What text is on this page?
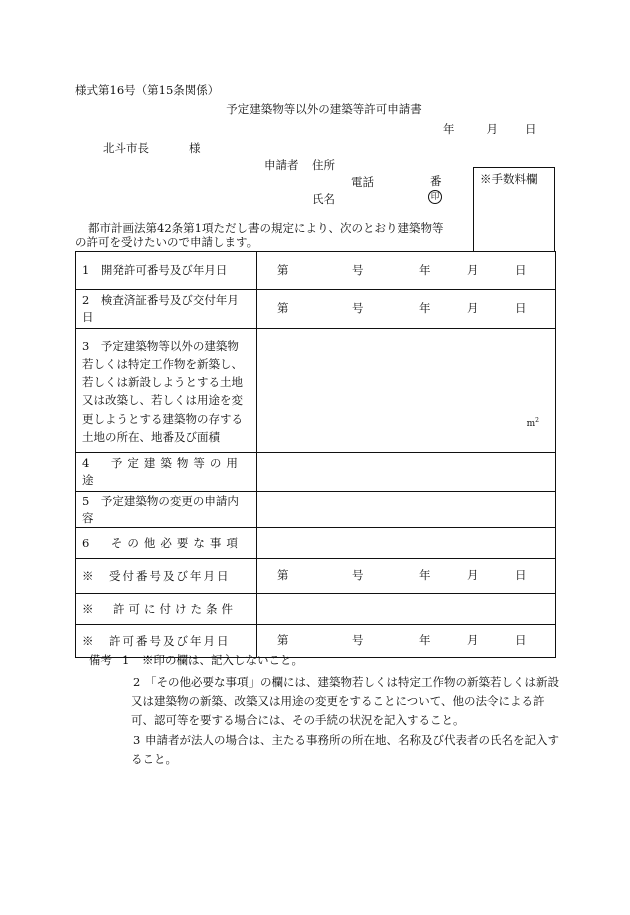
様式第16号（第15条関係）
予定建築物等以外の建築等許可申請書
年	月 日
北斗市長	様
申請者 住所
電話	番
氏名	印
※手数料欄
都市計画法第42条第1項ただし書の規定により、次のとおり建築物等
の許可を受けたいので申請します。
1　開発許可番号及び年月日	第 号 年 月 日

2　検査済証番号及び交付年月日	第 号 年 月 日

3　予定建築物等以外の建築物若しくは特定工作物を新築し、若しくは新設しようとする土地又は改築し、若しくは用途を変更しようとする建築物の存する土地の所在、地番及び面積	$m^2$

4　予定建築物等の用途	
5　予定建築物の変更の申請内容	
6　その他必要な事項	
※　受付番号及び年月日	第 号 年 月 日

※　許可に付けた条件	
※　許可番号及び年月日	第 号 年 月 日
備考 1 ※印の欄は、記入しないこと。
2 「その他必要な事項」の欄には、建築物若しくは特定工作物の新築若しくは新設又は建築物の新築、改築又は用途の変更をすることについて、他の法令による許可、認可等を要する場合には、その手続の状況を記入すること。
3 申請者が法人の場合は、主たる事務所の所在地、名称及び代表者の氏名を記入すること。
